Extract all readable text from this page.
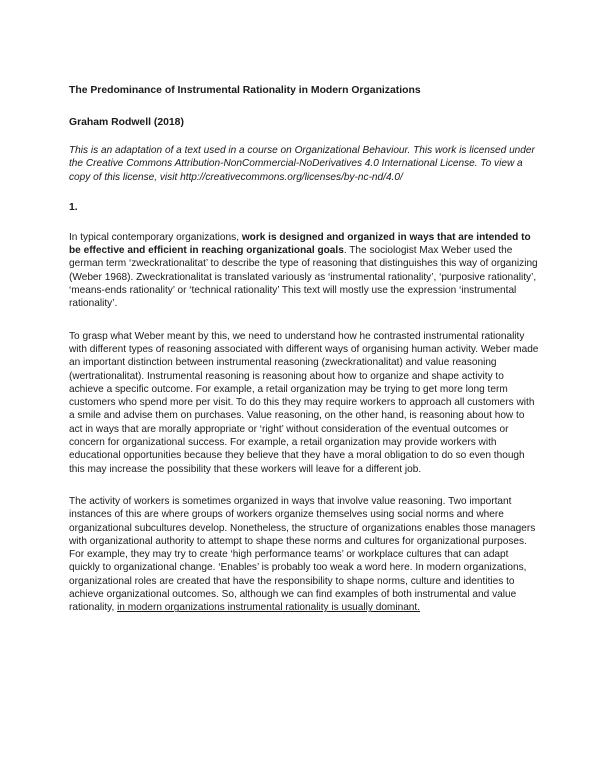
The Predominance of Instrumental Rationality in Modern Organizations

Graham Rodwell (2018)

This is an adaptation of a text used in a course on Organizational Behaviour. This work is licensed under the Creative Commons Attribution-NonCommercial-NoDerivatives 4.0 International License. To view a copy of this license, visit http://creativecommons.org/licenses/by-nc-nd/4.0/

1.

In typical contemporary organizations, work is designed and organized in ways that are intended to be effective and efficient in reaching organizational goals. The sociologist Max Weber used the german term ‘zweckrationalitat’ to describe the type of reasoning that distinguishes this way of organizing (Weber 1968). Zweckrationalitat is translated variously as ‘instrumental rationality’, ‘purposive rationality’, ‘means-ends rationality’ or ‘technical rationality’ This text will mostly use the expression ‘instrumental rationality’.

To grasp what Weber meant by this, we need to understand how he contrasted instrumental rationality with different types of reasoning associated with different ways of organising human activity. Weber made an important distinction between instrumental reasoning (zweckrationalitat) and value reasoning (wertrationalitat). Instrumental reasoning is reasoning about how to organize and shape activity to achieve a specific outcome. For example, a retail organization may be trying to get more long term customers who spend more per visit. To do this they may require workers to approach all customers with a smile and advise them on purchases. Value reasoning, on the other hand, is reasoning about how to act in ways that are morally appropriate or ‘right’ without consideration of the eventual outcomes or concern for organizational success. For example, a retail organization may provide workers with educational opportunities because they believe that they have a moral obligation to do so even though this may increase the possibility that these workers will leave for a different job.

The activity of workers is sometimes organized in ways that involve value reasoning. Two important instances of this are where groups of workers organize themselves using social norms and where organizational subcultures develop. Nonetheless, the structure of organizations enables those managers with organizational authority to attempt to shape these norms and cultures for organizational purposes. For example, they may try to create ‘high performance teams’ or workplace cultures that can adapt quickly to organizational change. ‘Enables’ is probably too weak a word here. In modern organizations, organizational roles are created that have the responsibility to shape norms, culture and identities to achieve organizational outcomes. So, although we can find examples of both instrumental and value rationality, in modern organizations instrumental rationality is usually dominant.
